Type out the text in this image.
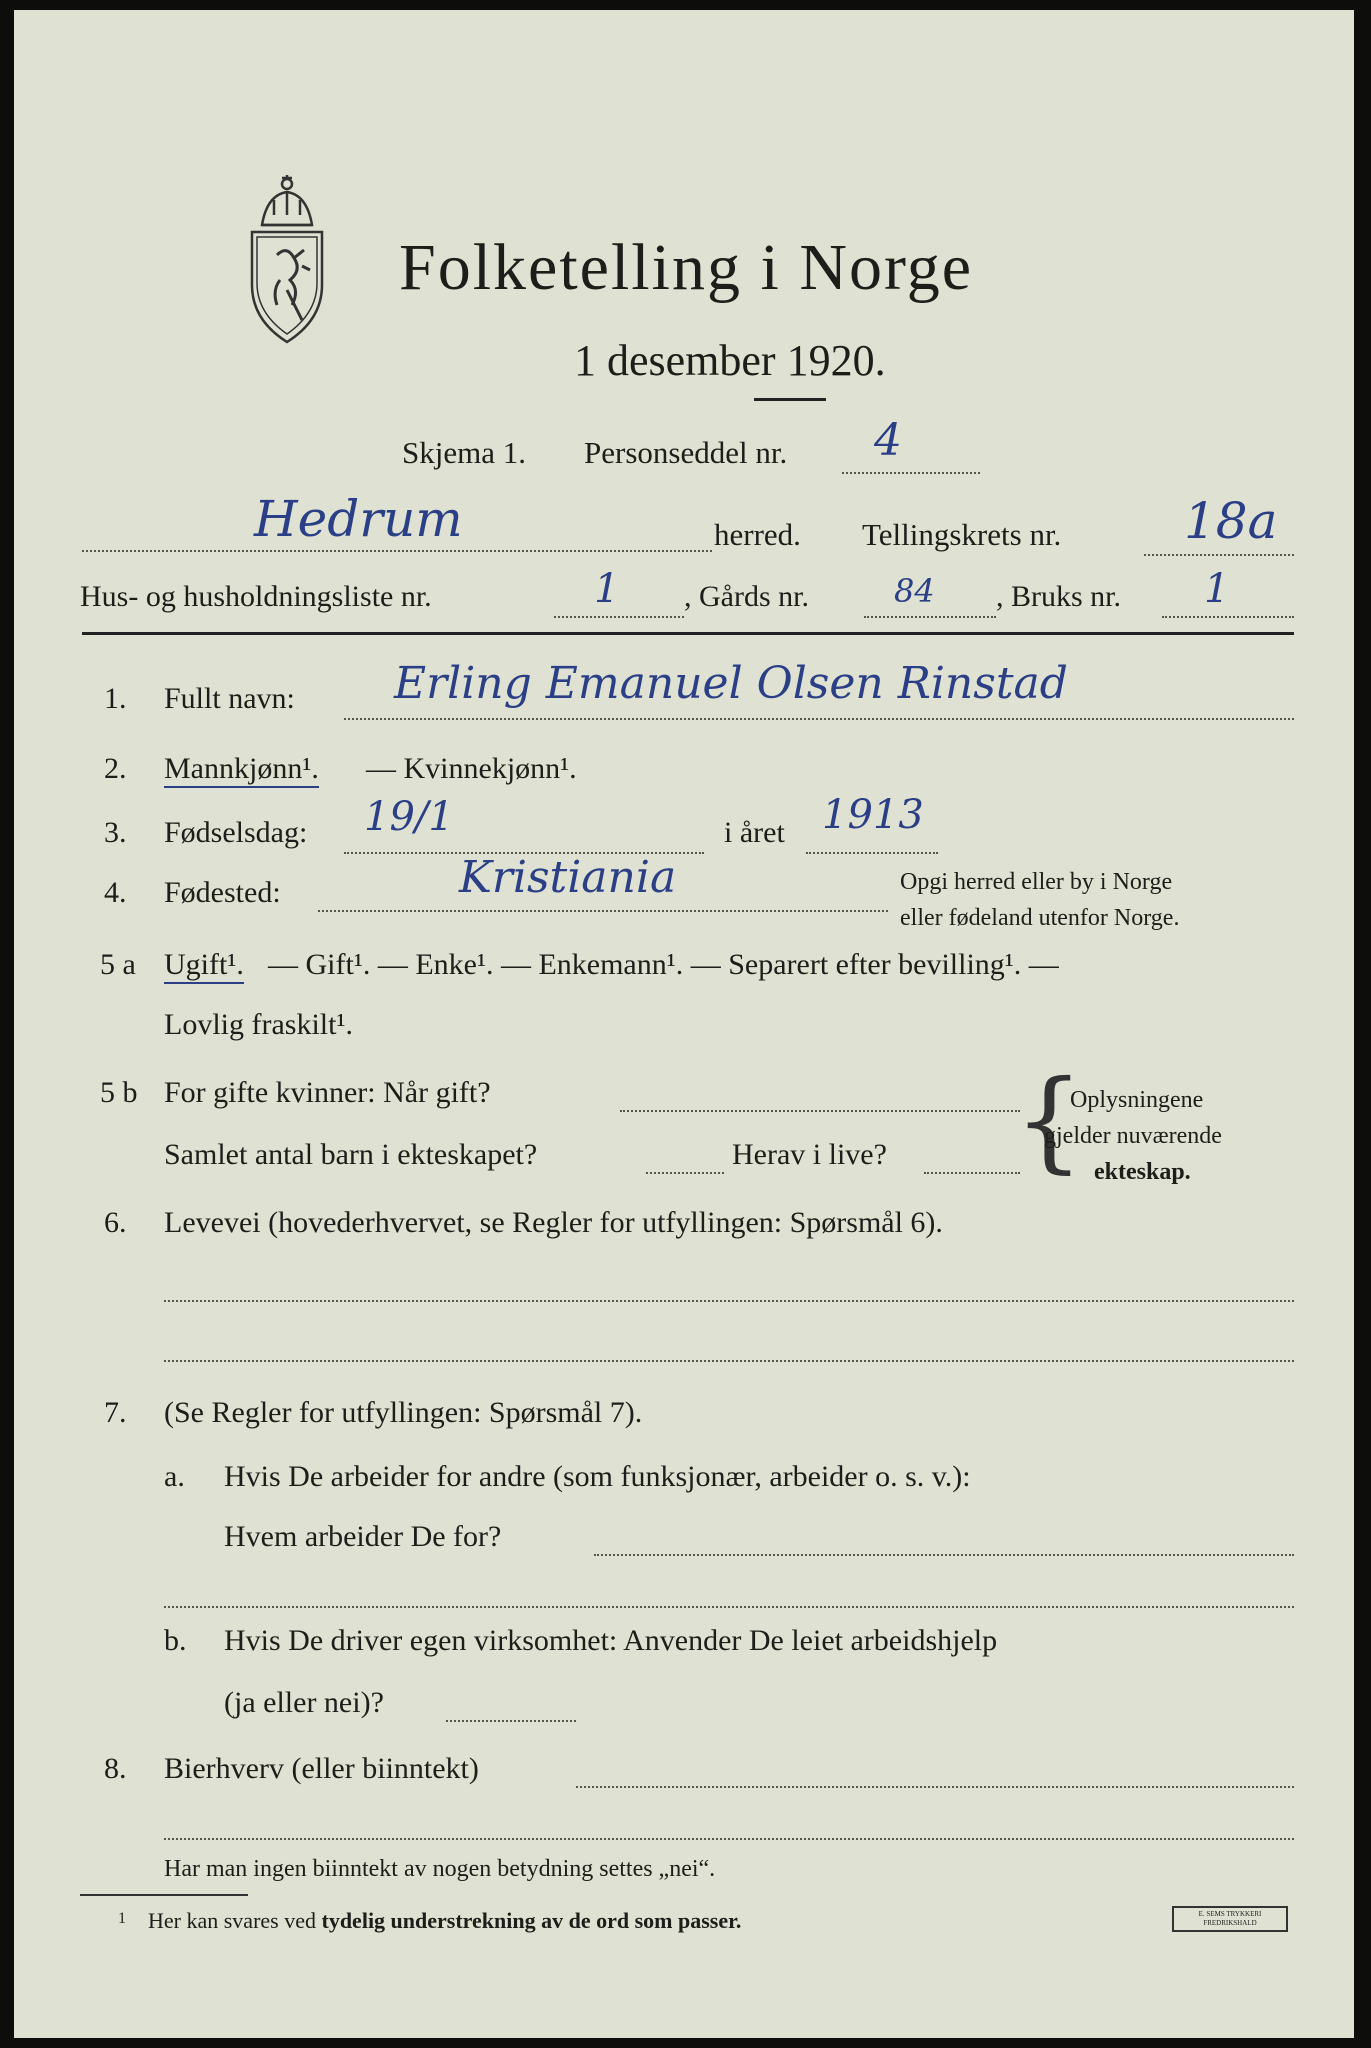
Folketelling i Norge
1 desember 1920.
Skjema 1. Personseddel nr. 4
Hedrum	herred. Tellingskrets nr. 18a
Hus- og husholdningsliste nr.	1 , Gårds nr.	84 , Bruks nr. 1
1. Fullt navn: Erling Emanuel Olsen Rinstad
2. Mannkjønn¹. — Kvinnekjønn¹.
3. Fødselsdag: 19/1	i året 1913
4. Fødested:	Kristiania	Opgi herred eller by i Norge
eller fødeland utenfor Norge.
5 a Ugift¹. — Gift¹. — Enke¹. — Enkemann¹. — Separert efter bevilling¹. —
Lovlig fraskilt¹.
5 b For gifte kvinner: Når gift?
Samlet antal barn i ekteskapet?	Herav i live? {
Oplysningene
gjelder nuværende
ekteskap.
6. Levevei (hovederhvervet, se Regler for utfyllingen: Spørsmål 6).
7. (Se Regler for utfyllingen: Spørsmål 7).
a. Hvis De arbeider for andre (som funksjonær, arbeider o. s. v.):
Hvem arbeider De for?
b. Hvis De driver egen virksomhet: Anvender De leiet arbeidshjelp
(ja eller nei)?
8. Bierhverv (eller biinntekt)
Har man ingen biinntekt av nogen betydning settes „nei“.
1 Her kan svares ved tydelig understrekning av de ord som passer.	E. SEMS TRYKKERI FREDRIKSHALD
